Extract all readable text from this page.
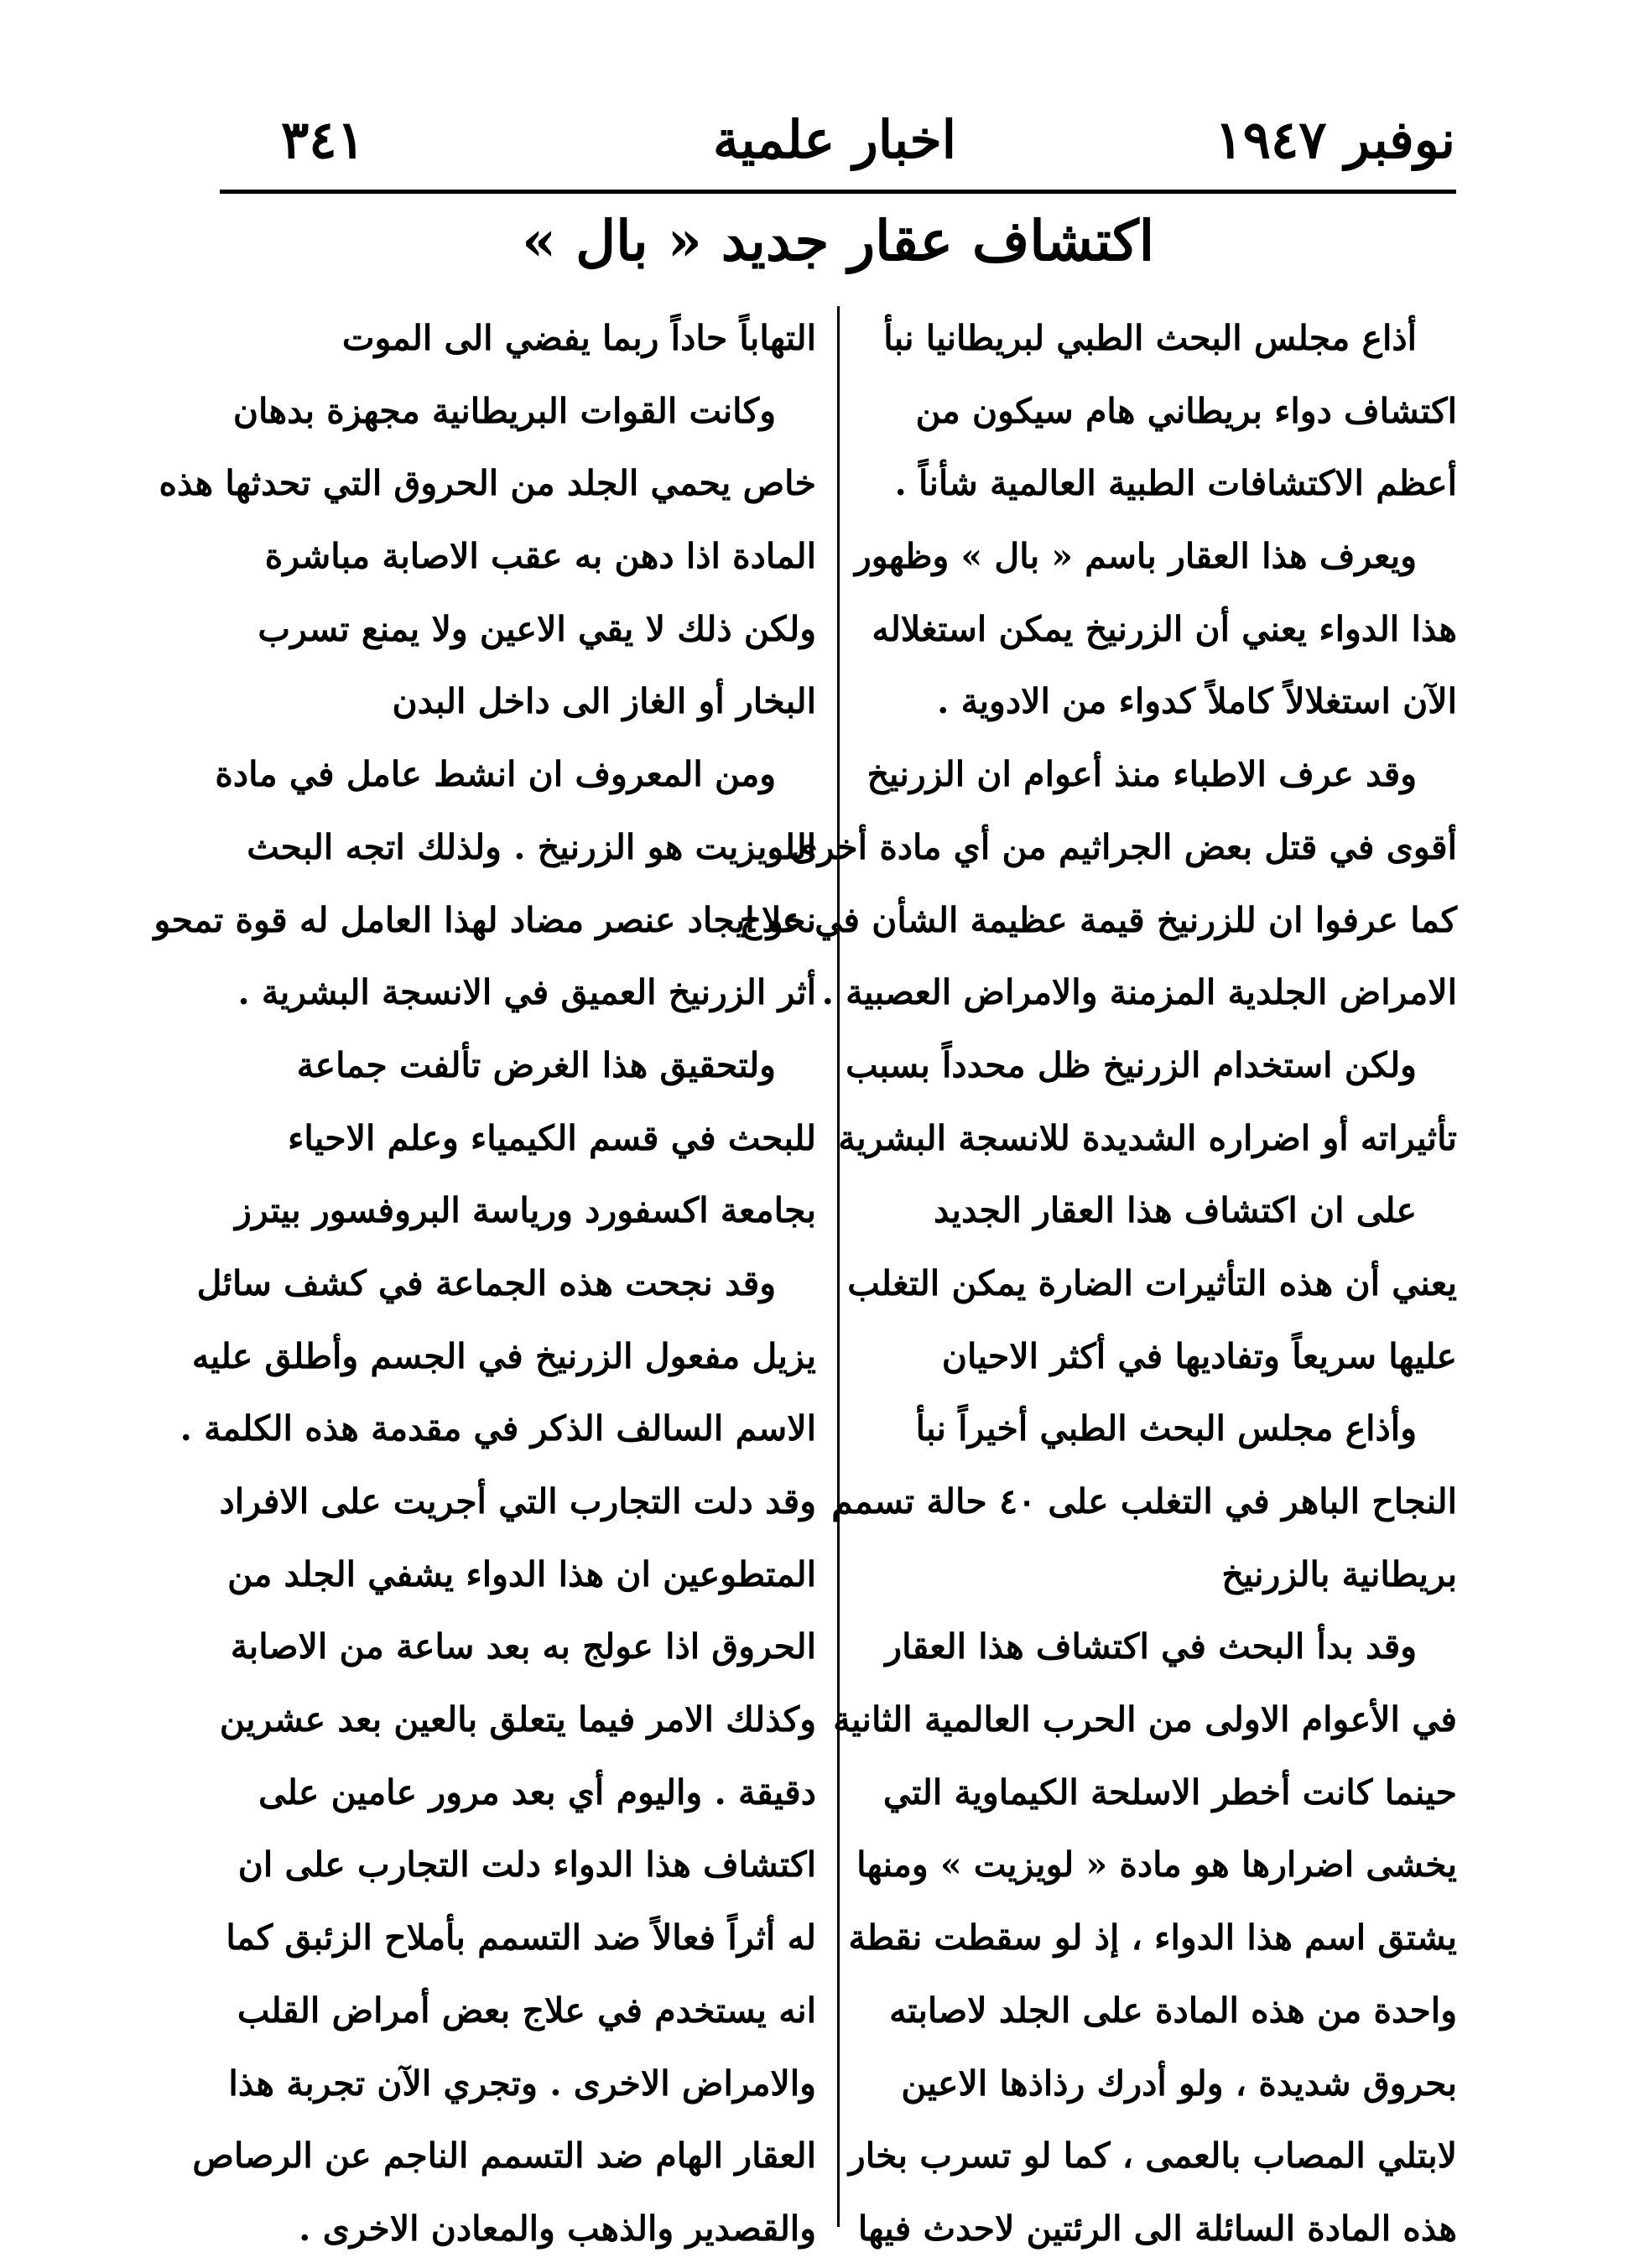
نوفبر ١٩٤٧
اخبار علمية
٣٤١
اكتشاف عقار جديد « بال »
أذاع مجلس البحث الطبي لبريطانيا نبأ
اكتشاف دواء بريطاني هام سيكون من
أعظم الاكتشافات الطبية العالمية شأناً .
ويعرف هذا العقار باسم « بال » وظهور
هذا الدواء يعني أن الزرنيخ يمكن استغلاله
الآن استغلالاً كاملاً كدواء من الادوية .
وقد عرف الاطباء منذ أعوام ان الزرنيخ
أقوى في قتل بعض الجراثيم من أي مادة أخرى .
كما عرفوا ان للزرنيخ قيمة عظيمة الشأن في علاج
الامراض الجلدية المزمنة والامراض العصبية .
ولكن استخدام الزرنيخ ظل محدداً بسبب
تأثيراته أو اضراره الشديدة للانسجة البشرية
على ان اكتشاف هذا العقار الجديد
يعني أن هذه التأثيرات الضارة يمكن التغلب
عليها سريعاً وتفاديها في أكثر الاحيان
وأذاع مجلس البحث الطبي أخيراً نبأ
النجاح الباهر في التغلب على ٤٠ حالة تسمم
بريطانية بالزرنيخ
وقد بدأ البحث في اكتشاف هذا العقار
في الأعوام الاولى من الحرب العالمية الثانية
حينما كانت أخطر الاسلحة الكيماوية التي
يخشى اضرارها هو مادة « لويزيت » ومنها
يشتق اسم هذا الدواء ، إذ لو سقطت نقطة
واحدة من هذه المادة على الجلد لاصابته
بحروق شديدة ، ولو أدرك رذاذها الاعين
لابتلي المصاب بالعمى ، كما لو تسرب بخار
هذه المادة السائلة الى الرئتين لاحدث فيها
التهاباً حاداً ربما يفضي الى الموت
وكانت القوات البريطانية مجهزة بدهان
خاص يحمي الجلد من الحروق التي تحدثها هذه
المادة اذا دهن به عقب الاصابة مباشرة
ولكن ذلك لا يقي الاعين ولا يمنع تسرب
البخار أو الغاز الى داخل البدن
ومن المعروف ان انشط عامل في مادة
اللويزيت هو الزرنيخ . ولذلك اتجه البحث
نحو ايجاد عنصر مضاد لهذا العامل له قوة تمحو
أثر الزرنيخ العميق في الانسجة البشرية .
ولتحقيق هذا الغرض تألفت جماعة
للبحث في قسم الكيمياء وعلم الاحياء
بجامعة اكسفورد ورياسة البروفسور بيترز
وقد نجحت هذه الجماعة في كشف سائل
يزيل مفعول الزرنيخ في الجسم وأطلق عليه
الاسم السالف الذكر في مقدمة هذه الكلمة .
وقد دلت التجارب التي أجريت على الافراد
المتطوعين ان هذا الدواء يشفي الجلد من
الحروق اذا عولج به بعد ساعة من الاصابة
وكذلك الامر فيما يتعلق بالعين بعد عشرين
دقيقة . واليوم أي بعد مرور عامين على
اكتشاف هذا الدواء دلت التجارب على ان
له أثراً فعالاً ضد التسمم بأملاح الزئبق كما
انه يستخدم في علاج بعض أمراض القلب
والامراض الاخرى . وتجري الآن تجربة هذا
العقار الهام ضد التسمم الناجم عن الرصاص
والقصدير والذهب والمعادن الاخرى .
